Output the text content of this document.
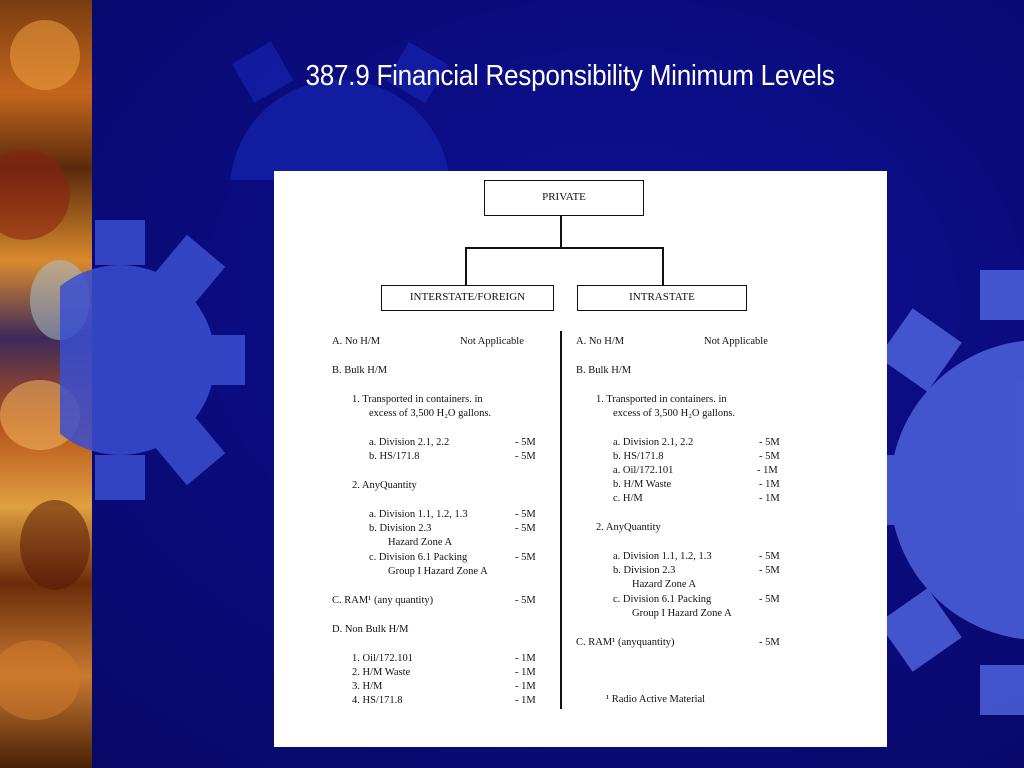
387.9 Financial Responsibility Minimum Levels
PRIVATE
INTERSTATE/FOREIGN	INTRASTATE
A. No H/M	Not Applicable
B. Bulk H/M
1. Transported in containers. in
excess of 3,500 H₂O gallons.
a. Division 2.1, 2.2	- 5M
b. HS/171.8	- 5M
2. AnyQuantity
a. Division 1.1, 1.2, 1.3	- 5M
b. Division 2.3	- 5M
Hazard Zone A
c. Division 6.1 Packing	- 5M
Group I Hazard Zone A
C. RAM¹ (any quantity)	- 5M
D. Non Bulk H/M
1. Oil/172.101	- 1M
2. H/M Waste	- 1M
3. H/M	- 1M
4. HS/171.8	- 1M
A. No H/M	Not Applicable
B. Bulk H/M
1. Transported in containers. in
excess of 3,500 H₂O gallons.
a. Division 2.1, 2.2	- 5M
b. HS/171.8	- 5M
a. Oil/172.101	- 1M
b. H/M Waste	- 1M
c. H/M	- 1M
2. AnyQuantity
a. Division 1.1, 1.2, 1.3	- 5M
b. Division 2.3	- 5M
Hazard Zone A
c. Division 6.1 Packing	- 5M
Group I Hazard Zone A
C. RAM¹ (anyquantity)	- 5M
¹ Radio Active Material
